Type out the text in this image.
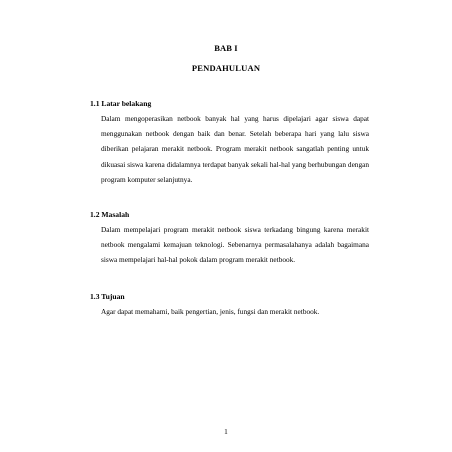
BAB I
PENDAHULUAN
1.1 Latar belakang
Dalam mengoperasikan netbook banyak hal yang harus dipelajari agar siswa dapat menggunakan netbook dengan baik dan benar. Setelah beberapa hari yang lalu siswa diberikan pelajaran merakit netbook. Program merakit netbook sangatlah penting untuk dikuasai siswa karena didalamnya terdapat banyak sekali hal-hal yang berhubungan dengan program komputer selanjutnya.
1.2 Masalah
Dalam mempelajari program merakit netbook siswa terkadang bingung karena merakit netbook mengalami kemajuan teknologi. Sebenarnya permasalahanya adalah bagaimana siswa mempelajari hal-hal pokok dalam program merakit netbook.
1.3 Tujuan
Agar dapat memahami, baik pengertian, jenis, fungsi dan merakit netbook.
1
